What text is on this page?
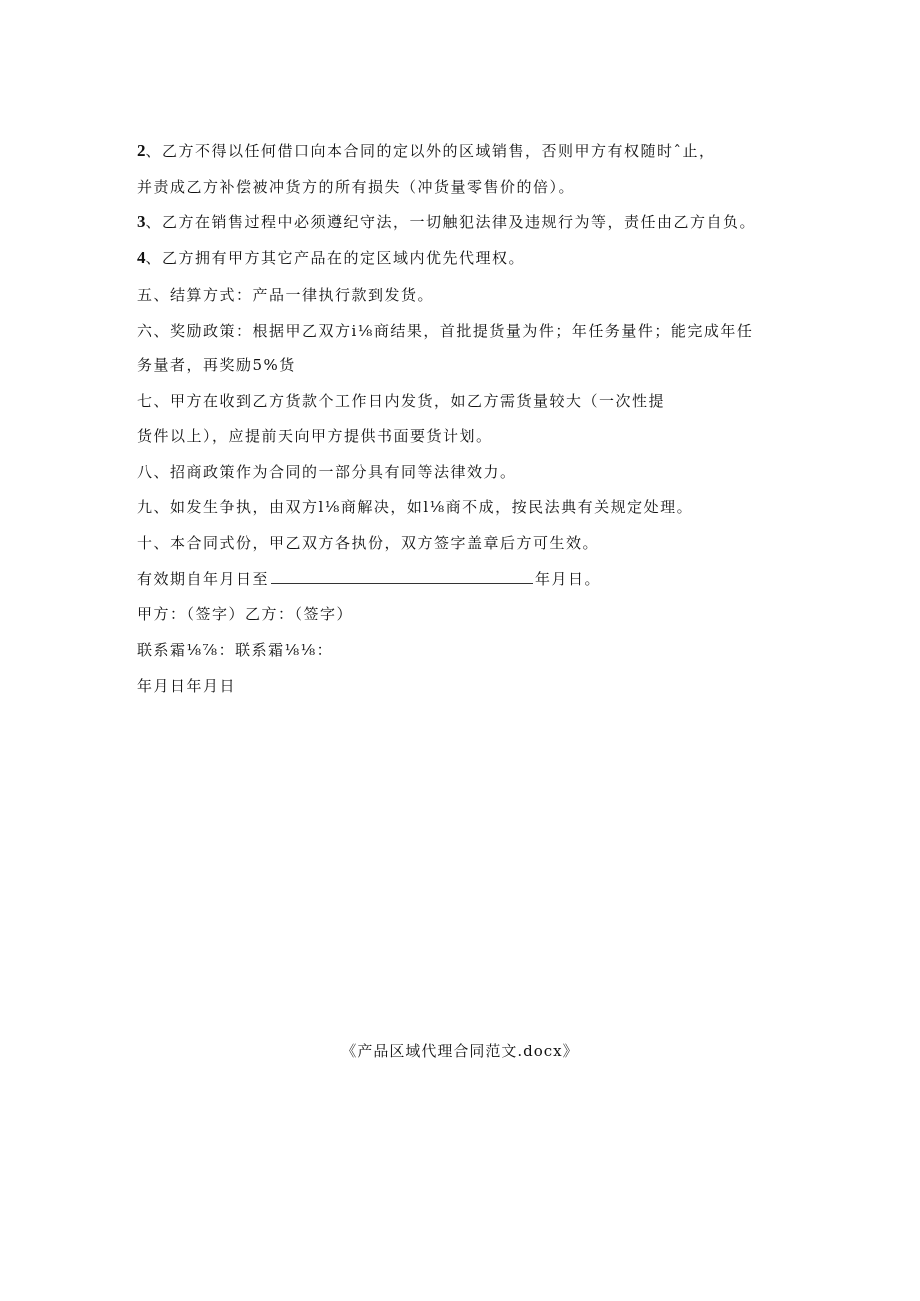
2、乙方不得以任何借口向本合同的定以外的区域销售，否则甲方有权随时ˆ止，
并责成乙方补偿被冲货方的所有损失（冲货量零售价的倍）。
3、乙方在销售过程中必须遵纪守法，一切触犯法律及违规行为等，责任由乙方自负。
4、乙方拥有甲方其它产品在的定区域内优先代理权。
五、结算方式：产品一律执行款到发货。
六、奖励政策：根据甲乙双方i⅛商结果，首批提货量为件；年任务量件；能完成年任
务量者，再奖励5%货
七、甲方在收到乙方货款个工作日内发货，如乙方需货量较大（一次性提
货件以上），应提前天向甲方提供书面要货计划。
八、招商政策作为合同的一部分具有同等法律效力。
九、如发生争执，由双方l⅛商解决，如l⅛商不成，按民法典有关规定处理。
十、本合同式份，甲乙双方各执份，双方签字盖章后方可生效。
有效期自年月日至	年月日。
甲方：（签字）乙方：（签字）
联系霜⅛⅞：联系霜⅛⅛：
年月日年月日
《产品区域代理合同范文.docx》
